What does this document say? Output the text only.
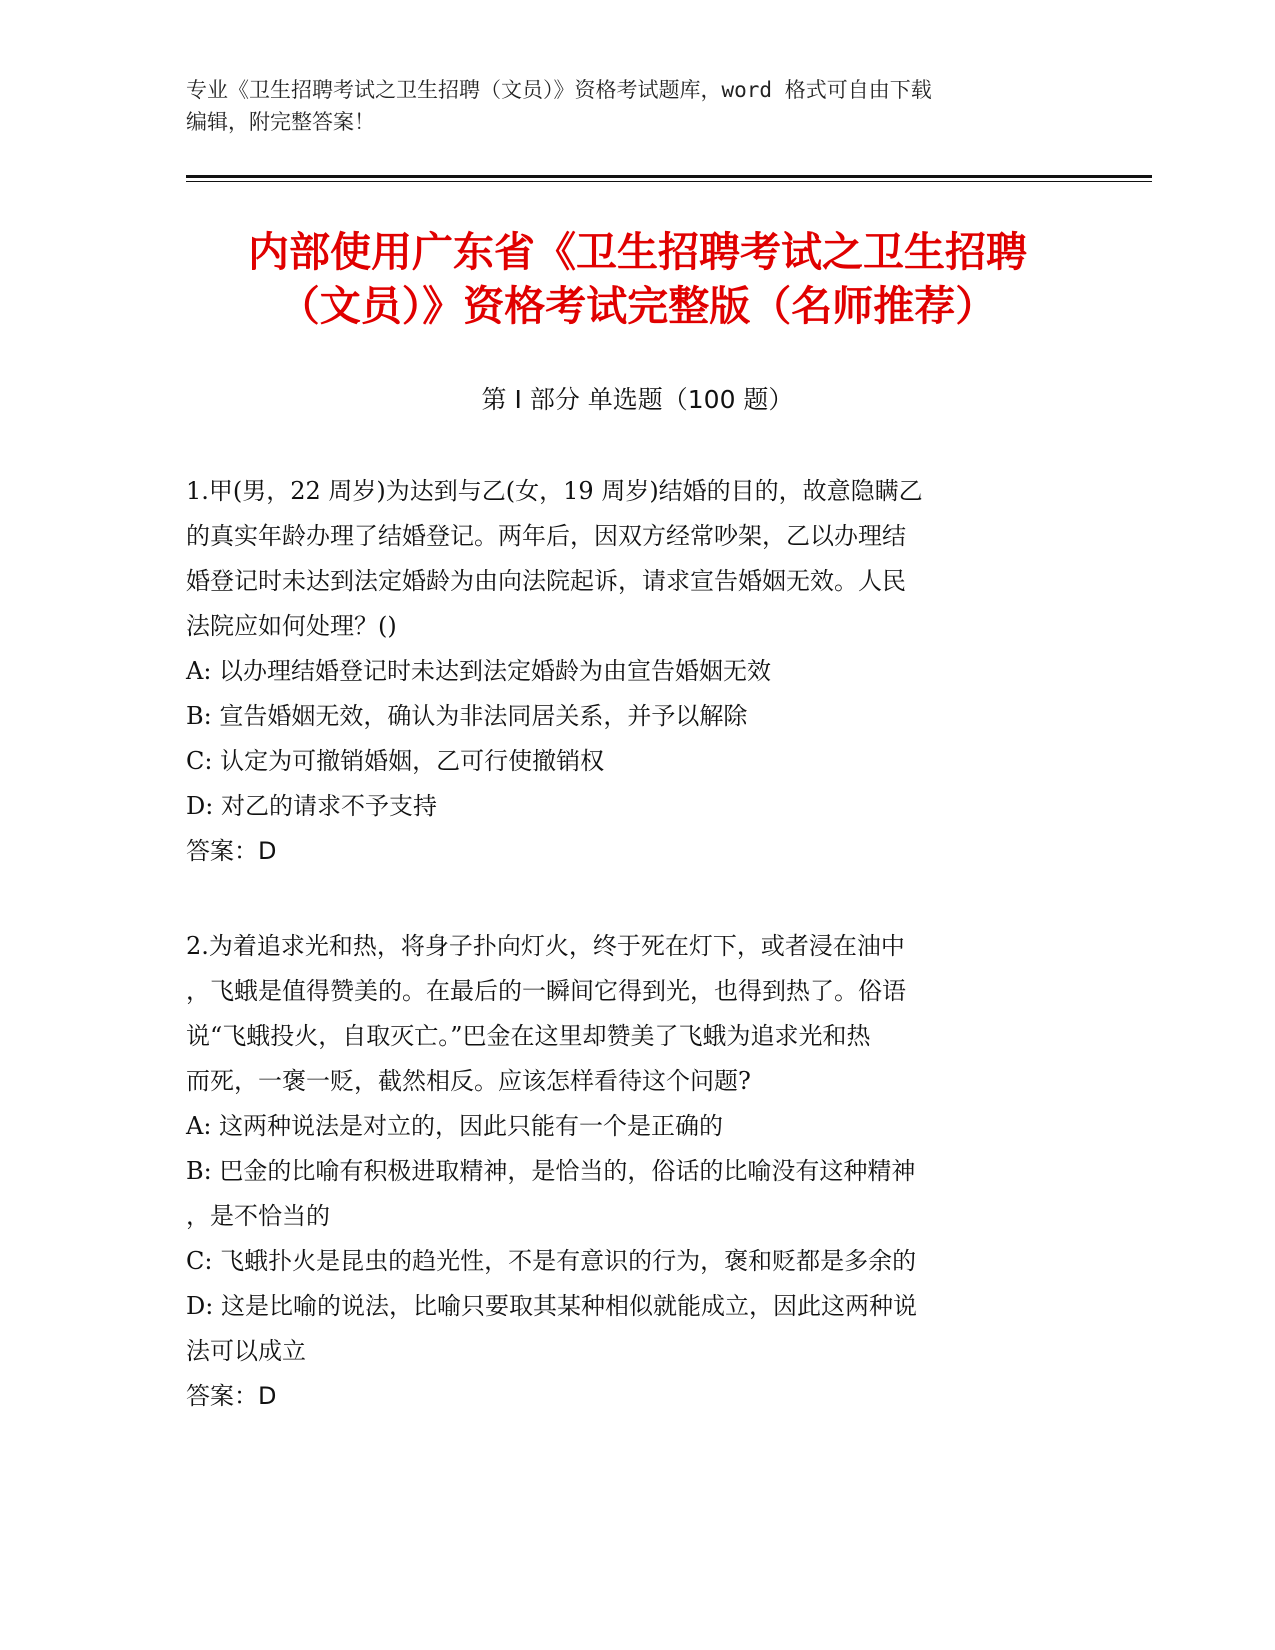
专业《卫生招聘考试之卫生招聘（文员）》资格考试题库，word 格式可自由下载
编辑，附完整答案！
内部使用广东省《卫生招聘考试之卫生招聘
（文员）》资格考试完整版（名师推荐）
第 I 部分 单选题（100 题）
1.甲(男，22 周岁)为达到与乙(女，19 周岁)结婚的目的，故意隐瞒乙
的真实年龄办理了结婚登记。两年后，因双方经常吵架，乙以办理结
婚登记时未达到法定婚龄为由向法院起诉，请求宣告婚姻无效。人民
法院应如何处理？()
A: 以办理结婚登记时未达到法定婚龄为由宣告婚姻无效
B: 宣告婚姻无效，确认为非法同居关系，并予以解除
C: 认定为可撤销婚姻，乙可行使撤销权
D: 对乙的请求不予支持
答案：D
2.为着追求光和热，将身子扑向灯火，终于死在灯下，或者浸在油中
，飞蛾是值得赞美的。在最后的一瞬间它得到光，也得到热了。俗语
说“飞蛾投火，自取灭亡。”巴金在这里却赞美了飞蛾为追求光和热
而死，一褒一贬，截然相反。应该怎样看待这个问题?
A: 这两种说法是对立的，因此只能有一个是正确的
B: 巴金的比喻有积极进取精神，是恰当的，俗话的比喻没有这种精神
，是不恰当的
C: 飞蛾扑火是昆虫的趋光性，不是有意识的行为，褒和贬都是多余的
D: 这是比喻的说法，比喻只要取其某种相似就能成立，因此这两种说
法可以成立
答案：D
